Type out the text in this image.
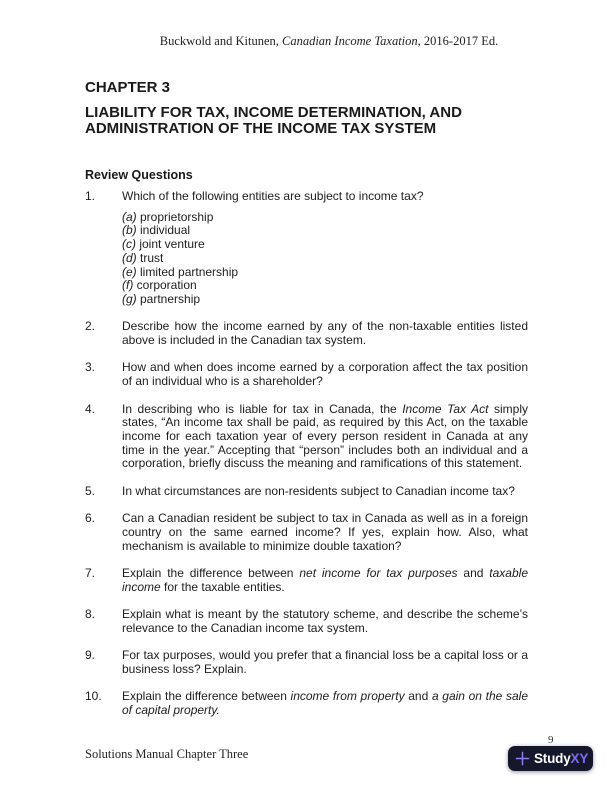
Buckwold and Kitunen, Canadian Income Taxation, 2016-2017 Ed.
CHAPTER 3
LIABILITY FOR TAX, INCOME DETERMINATION, AND
ADMINISTRATION OF THE INCOME TAX SYSTEM
Review Questions
1. Which of the following entities are subject to income tax?
(a) proprietorship
(b) individual
(c) joint venture
(d) trust
(e) limited partnership
(f) corporation
(g) partnership
2. Describe how the income earned by any of the non-taxable entities listed above is included in the Canadian tax system.
3. How and when does income earned by a corporation affect the tax position of an individual who is a shareholder?
4. In describing who is liable for tax in Canada, the Income Tax Act simply states, “An income tax shall be paid, as required by this Act, on the taxable income for each taxation year of every person resident in Canada at any time in the year.” Accepting that “person” includes both an individual and a corporation, briefly discuss the meaning and ramifications of this statement.
5. In what circumstances are non-residents subject to Canadian income tax?
6. Can a Canadian resident be subject to tax in Canada as well as in a foreign country on the same earned income? If yes, explain how. Also, what mechanism is available to minimize double taxation?
7. Explain the difference between net income for tax purposes and taxable income for the taxable entities.
8. Explain what is meant by the statutory scheme, and describe the scheme’s relevance to the Canadian income tax system.
9. For tax purposes, would you prefer that a financial loss be a capital loss or a business loss? Explain.
10. Explain the difference between income from property and a gain on the sale of capital property.
Solutions Manual Chapter Three
9
StudyXY
